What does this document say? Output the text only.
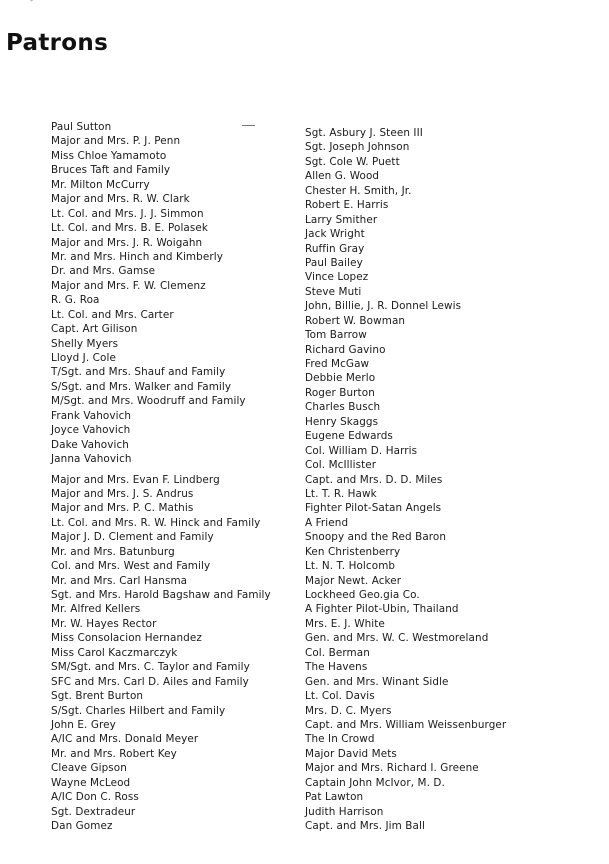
Patrons
Paul Sutton
Major and Mrs. P. J. Penn
Miss Chloe Yamamoto
Bruces Taft and Family
Mr. Milton McCurry
Major and Mrs. R. W. Clark
Lt. Col. and Mrs. J. J. Simmon
Lt. Col. and Mrs. B. E. Polasek
Major and Mrs. J. R. Woigahn
Mr. and Mrs. Hinch and Kimberly
Dr. and Mrs. Gamse
Major and Mrs. F. W. Clemenz
R. G. Roa
Lt. Col. and Mrs. Carter
Capt. Art Gilison
Shelly Myers
Lloyd J. Cole
T/Sgt. and Mrs. Shauf and Family
S/Sgt. and Mrs. Walker and Family
M/Sgt. and Mrs. Woodruff and Family
Frank Vahovich
Joyce Vahovich
Dake Vahovich
Janna Vahovich
Major and Mrs. Evan F. Lindberg
Major and Mrs. J. S. Andrus
Major and Mrs. P. C. Mathis
Lt. Col. and Mrs. R. W. Hinck and Family
Major J. D. Clement and Family
Mr. and Mrs. Batunburg
Col. and Mrs. West and Family
Mr. and Mrs. Carl Hansma
Sgt. and Mrs. Harold Bagshaw and Family
Mr. Alfred Kellers
Mr. W. Hayes Rector
Miss Consolacion Hernandez
Miss Carol Kaczmarczyk
SM/Sgt. and Mrs. C. Taylor and Family
SFC and Mrs. Carl D. Ailes and Family
Sgt. Brent Burton
S/Sgt. Charles Hilbert and Family
John E. Grey
A/IC and Mrs. Donald Meyer
Mr. and Mrs. Robert Key
Cleave Gipson
Wayne McLeod
A/IC Don C. Ross
Sgt. Dextradeur
Dan Gomez
Sgt. Asbury J. Steen III
Sgt. Joseph Johnson
Sgt. Cole W. Puett
Allen G. Wood
Chester H. Smith, Jr.
Robert E. Harris
Larry Smither
Jack Wright
Ruffin Gray
Paul Bailey
Vince Lopez
Steve Muti
John, Billie, J. R. Donnel Lewis
Robert W. Bowman
Tom Barrow
Richard Gavino
Fred McGaw
Debbie Merlo
Roger Burton
Charles Busch
Henry Skaggs
Eugene Edwards
Col. William D. Harris
Col. McIllister
Capt. and Mrs. D. D. Miles
Lt. T. R. Hawk
Fighter Pilot-Satan Angels
A Friend
Snoopy and the Red Baron
Ken Christenberry
Lt. N. T. Holcomb
Major Newt. Acker
Lockheed Geo.gia Co.
A Fighter Pilot-Ubin, Thailand
Mrs. E. J. White
Gen. and Mrs. W. C. Westmoreland
Col. Berman
The Havens
Gen. and Mrs. Winant Sidle
Lt. Col. Davis
Mrs. D. C. Myers
Capt. and Mrs. William Weissenburger
The In Crowd
Major David Mets
Major and Mrs. Richard I. Greene
Captain John McIvor, M. D.
Pat Lawton
Judith Harrison
Capt. and Mrs. Jim Ball
